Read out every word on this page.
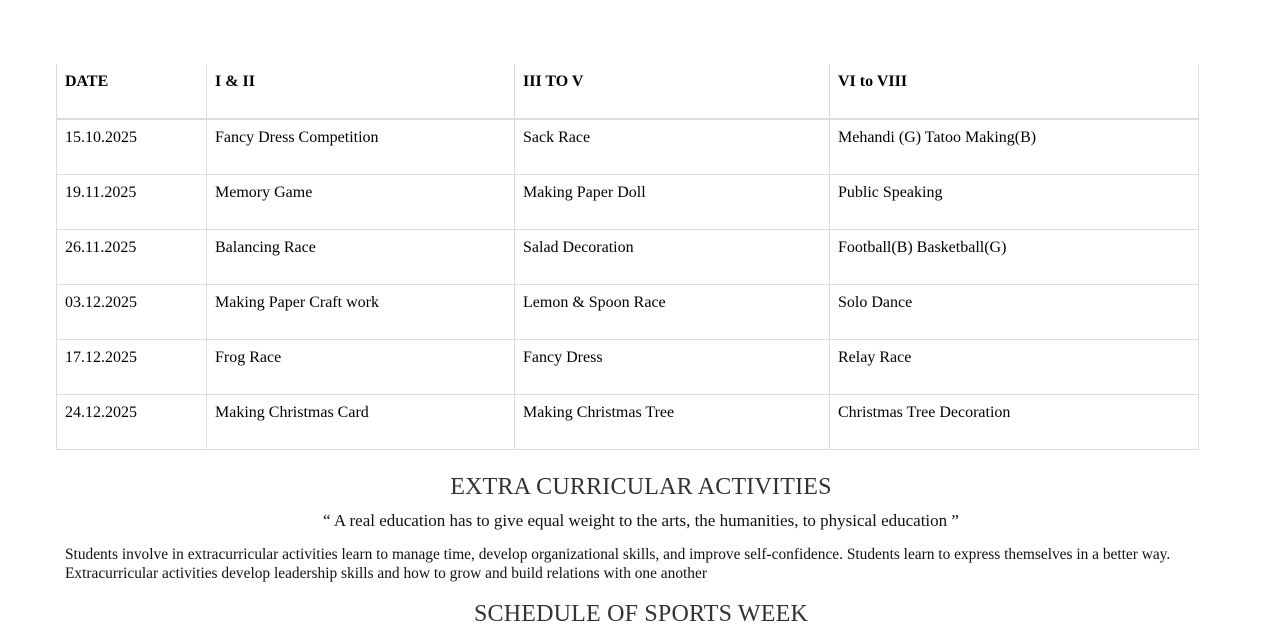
DATE	I & II	III TO V	VI to VIII
15.10.2025	Fancy Dress Competition	Sack Race	Mehandi (G) Tatoo Making(B)
19.11.2025	Memory Game	Making Paper Doll	Public Speaking
26.11.2025	Balancing Race	Salad Decoration	Football(B) Basketball(G)
03.12.2025	Making Paper Craft work	Lemon & Spoon Race	Solo Dance
17.12.2025	Frog Race	Fancy Dress	Relay Race
24.12.2025	Making Christmas Card	Making Christmas Tree	Christmas Tree Decoration
EXTRA CURRICULAR ACTIVITIES
“ A real education has to give equal weight to the arts, the humanities, to physical education ”
Students involve in extracurricular activities learn to manage time, develop organizational skills, and improve self-confidence. Students learn to express themselves in a better way. Extracurricular activities develop leadership skills and how to grow and build relations with one another
SCHEDULE OF SPORTS WEEK
